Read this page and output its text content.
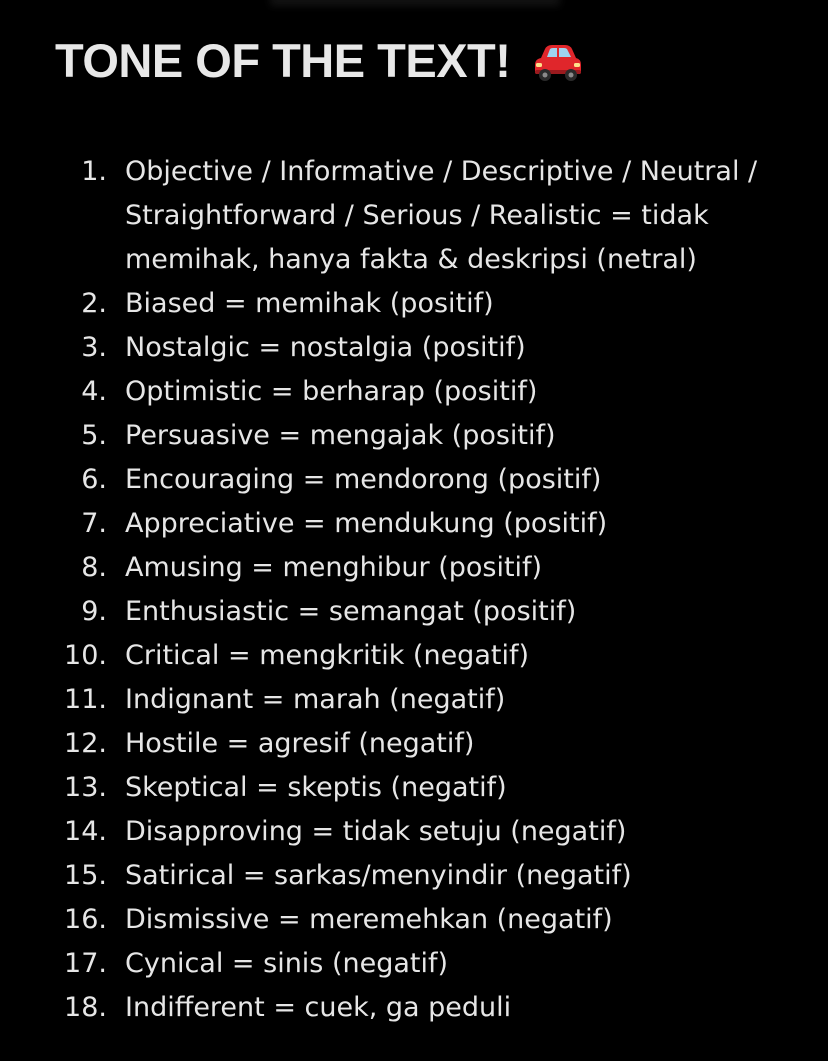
TONE OF THE TEXT!
1. Objective / Informative / Descriptive / Neutral /
Straightforward / Serious / Realistic = tidak
memihak, hanya fakta & deskripsi (netral)
2. Biased = memihak (positif)
3. Nostalgic = nostalgia (positif)
4. Optimistic = berharap (positif)
5. Persuasive = mengajak (positif)
6. Encouraging = mendorong (positif)
7. Appreciative = mendukung (positif)
8. Amusing = menghibur (positif)
9. Enthusiastic = semangat (positif)
10. Critical = mengkritik (negatif)
11. Indignant = marah (negatif)
12. Hostile = agresif (negatif)
13. Skeptical = skeptis (negatif)
14. Disapproving = tidak setuju (negatif)
15. Satirical = sarkas/menyindir (negatif)
16. Dismissive = meremehkan (negatif)
17. Cynical = sinis (negatif)
18. Indifferent = cuek, ga peduli
